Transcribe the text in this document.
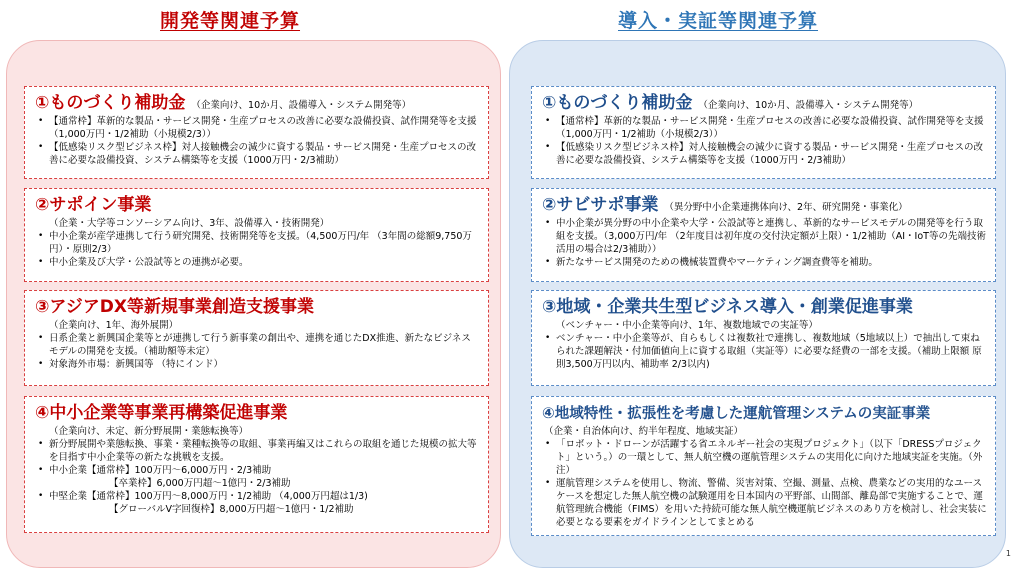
開発等関連予算	導入・実証等関連予算
①ものづくり補助金 （企業向け、10か月、設備導入・システム開発等）
• 【通常枠】革新的な製品・サービス開発・生産プロセスの改善に必要な設備投資、試作開発等を支援（1,000万円・1/2補助（小規模2/3））
• 【低感染リスク型ビジネス枠】対人接触機会の減少に資する製品・サービス開発・生産プロセスの改善に必要な設備投資、システム構築等を支援（1000万円・2/3補助）
②サポイン事業
（企業・大学等コンソーシアム向け、3年、設備導入・技術開発）
• 中小企業が産学連携して行う研究開発、技術開発等を支援。（4,500万円/年 （3年間の総額9,750万円）・原則2/3）
• 中小企業及び大学・公設試等との連携が必要。
③アジアDX等新規事業創造支援事業
（企業向け、1年、海外展開）
• 日系企業と新興国企業等とが連携して行う新事業の創出や、連携を通じたDX推進、新たなビジネスモデルの開発を支援。（補助額等未定）
• 対象海外市場：新興国等 （特にインド）
④中小企業等事業再構築促進事業
（企業向け、未定、新分野展開・業態転換等）
• 新分野展開や業態転換、事業・業種転換等の取組、事業再編又はこれらの取組を通じた規模の拡大等を目指す中小企業等の新たな挑戦を支援。
• 中小企業【通常枠】100万円～6,000万円・2/3補助
【卒業枠】6,000万円超～1億円・2/3補助
• 中堅企業【通常枠】100万円～8,000万円・1/2補助 （4,000万円超は1/3)
【グローバルV字回復枠】8,000万円超～1億円・1/2補助
①ものづくり補助金 （企業向け、10か月、設備導入・システム開発等）
• 【通常枠】革新的な製品・サービス開発・生産プロセスの改善に必要な設備投資、試作開発等を支援（1,000万円・1/2補助（小規模2/3））
• 【低感染リスク型ビジネス枠】対人接触機会の減少に資する製品・サービス開発・生産プロセスの改善に必要な設備投資、システム構築等を支援（1000万円・2/3補助）
②サビサポ事業 （異分野中小企業連携体向け、2年、研究開発・事業化）
• 中小企業が異分野の中小企業や大学・公設試等と連携し、革新的なサービスモデルの開発等を行う取組を支援。（3,000万円/年 （2年度目は初年度の交付決定額が上限）・1/2補助（AI・IoT等の先端技術活用の場合は2/3補助））
• 新たなサービス開発のための機械装置費やマーケティング調査費等を補助。
③地域・企業共生型ビジネス導入・創業促進事業
（ベンチャー・中小企業等向け、1年、複数地域での実証等）
• ベンチャー・中小企業等が、自らもしくは複数社で連携し、複数地域（5地域以上）で抽出して束ねられた課題解決・付加価値向上に資する取組（実証等）に必要な経費の一部を支援。（補助上限額 原則3,500万円以内、補助率 2/3以内)
④地域特性・拡張性を考慮した運航管理システムの実証事業
（企業・自治体向け、約半年程度、地域実証）
• 「ロボット・ドローンが活躍する省エネルギー社会の実現プロジェクト」（以下「DRESSプロジェクト」という。）の一環として、無人航空機の運航管理システムの実用化に向けた地域実証を実施。（外注）
• 運航管理システムを使用し、物流、警備、災害対策、空撮、測量、点検、農業などの実用的なユースケースを想定した無人航空機の試験運用を日本国内の平野部、山間部、離島部で実施することで、運航管理統合機能（FIMS）を用いた持続可能な無人航空機運航ビジネスのあり方を検討し、社会実装に必要となる要素をガイドラインとしてまとめる
1
